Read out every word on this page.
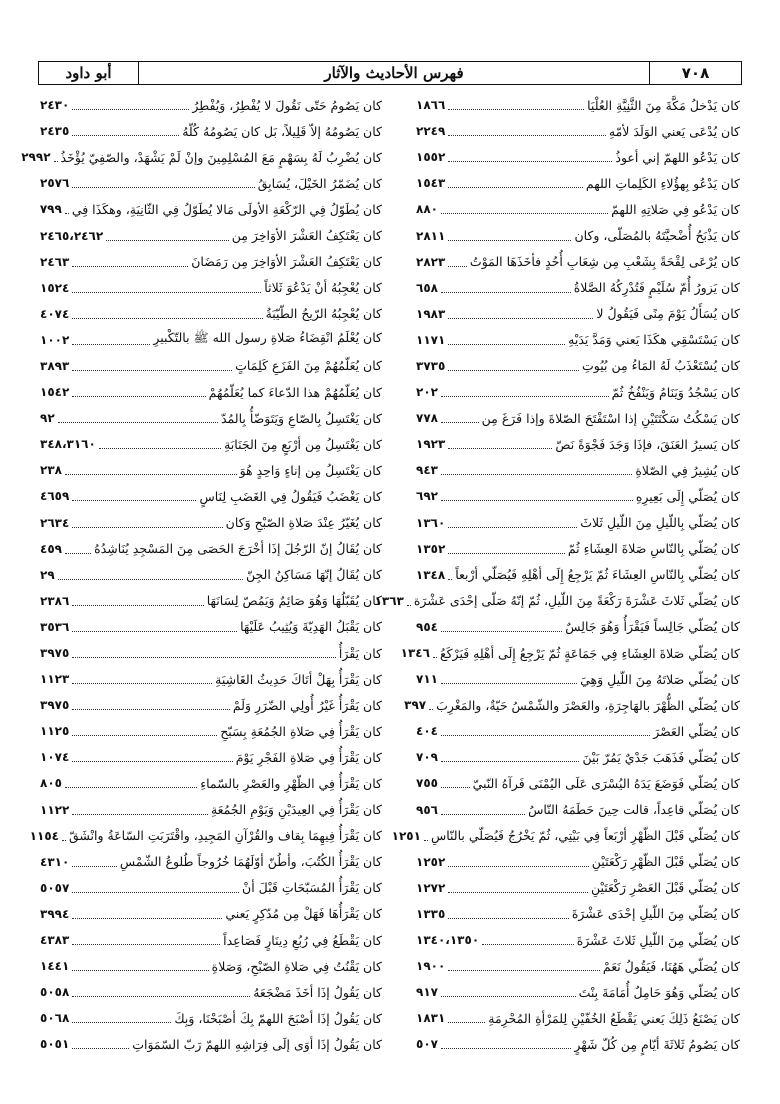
٧٠٨
فهرس الأحاديث والآثار
أبو داود
كان يَدْخلُ مَكَّةَ مِنَ الثَّنِيَّةِ العُلْيَا
١٨٦٦
كان يُدْعَى يَعني الوَلَدَ لأمّهِ
٢٢٤٩
كان يَدْعُو اللهمّ إني أعوذُ
١٥٥٢
كان يَدْعُو بِهؤُلاءِ الكَلِماتِ اللهم
١٥٤٣
كان يَدْعُو فِي صَلاتِهِ اللهمّ
٨٨٠
كان يَذْبَحُ أُضْحيَّتَهُ بالمُصَلّى، وكان
٢٨١١
كان يُرْعَى لِقْحَةً بِشَعْبِ مِن شِعَابِ أُحُدٍ فأخَذَهَا المَوْتُ
٢٨٢٣
كان يَزورُ أُمّ سُلَيْمٍ فَتُدْرِكُهُ الصَّلاةُ
٦٥٨
كان يُسَأَلُ يَوْمَ مِنًى فَيَقُولُ لا
١٩٨٣
كان يَسْتَسْقِي هكَذَا يَعني وَمَدَّ يَدَيْهِ
١١٧١
كان يُسْتَعْذَبُ لَهُ المَاءُ مِن بُيُوتِ
٣٧٣٥
كان يَسْجُدُ وَيَنَامُ وَيَنْفُخُ ثُمّ
٢٠٢
كان يَسْكُتُ سَكْتَتَيْنِ إذا اسْتَفْتَحَ الصّلاةَ وإذا فَرَغَ مِن
٧٧٨
كان يَسيرُ العَنَقَ، فإذَا وَجَدَ فَجْوَةً نَصّ
١٩٢٣
كان يُشِيرُ فِي الصّلاةِ
٩٤٣
كان يُصَلّي إِلَى بَعِيرِهِ
٦٩٢
كان يُصَلّي بِاللّيلِ مِنَ اللّيلِ ثَلاثَ
١٣٦٠
كان يُصَلّي بِالنّاسِ صَلاةَ العِشَاءِ ثُمّ
١٣٥٢
كان يُصَلّي بِالنّاسِ العِشَاءَ ثُمّ يَرْجِعُ إِلَى أهْلِهِ فَيُصَلّي أرْبعاً
١٣٤٨
كان يُصَلّي ثَلاثَ عَشْرَةَ رَكْعَةً مِنَ اللّيلِ، ثُمّ إنّهُ صَلّى إحْدَى عَشْرَة
١٣٦٣
كان يُصَلّي جَالِساً فَيَقْرَأُ وَهُوَ جَالِسٌ
٩٥٤
كان يُصَلّي صَلاةَ العِشَاءِ فِي جَمَاعَةٍ ثُمّ يَرْجِعُ إِلَى أهْلِهِ فَيَرْكَعُ
١٣٤٦
كان يُصَلّي صَلاتَهُ مِنَ اللّيلِ وَهِيَ
٧١١
كان يُصَلّي الظُّهْرَ بالهَاجِرَةِ، والعَصْرَ والشّمْسُ حَيّةٌ، والمَغْرِبَ
٣٩٧
كان يُصَلّي العَصْرَ
٤٠٤
كان يُصَلّي فَذَهَبَ جَدْيٌ يَمُرّ بَيْنَ
٧٠٩
كان يُصَلّي فَوَضَعَ يَدَهُ اليُسْرَى عَلَى اليُمْنَى فَرآهُ النّبيّ
٧٥٥
كان يُصَلّي قاعِداً، قالت حِينَ حَطَمَهُ النّاسُ
٩٥٦
كان يُصَلّي قَبْلَ الظّهْرِ أرْبَعاً فِي بَيْتِي، ثُمّ يَخْرُجُ فَيُصَلّي بالنّاسِ
١٢٥١
كان يُصَلّي قَبْلَ الظّهْرِ رَكْعَتَيْنِ
١٢٥٢
كان يُصَلّي قَبْلَ العَصْرِ رَكْعَتَيْنِ
١٢٧٢
كان يُصَلّي مِنَ اللّيلِ إحْدَى عَشْرَةَ
١٣٣٥
كان يُصَلّي مِنَ اللّيلِ ثَلاثَ عَشْرَةَ
١٣٤٠،١٣٥٠
كان يُصَلّي هَهُنَا، فَيَقُولُ نَعَمْ
١٩٠٠
كان يُصَلّي وَهُوَ حَامِلٌ أُمَامَةَ بِنْتَ
٩١٧
كان يَصْنَعُ ذَلِكَ يَعني يَقْطَعُ الخُفّيْنِ لِلمَرْأةِ المُحْرِمَةِ
١٨٣١
كان يَصُومُ ثَلاثَةَ أيّامٍ مِن كُلّ شَهْرٍ
٥٠٧
كان يَصُومُ حَتّى نَقُولَ لا يُفْطِرُ، وَيُفْطِرُ
٢٤٣٠
كان يَصُومُهُ إلاّ قَلِيلاً، بَل كان يَصُومُهُ كُلّهُ
٢٤٣٥
كان يُضْرِبُ لَهُ بِسَهْمٍ مَعَ المُسْلِمِينَ وإنْ لَمْ يَشْهَدْ، والصّفِيّ يُؤْخَذُ
٢٩٩٢
كان يُضَمّرُ الخَيْلَ، يُسَابِقُ
٢٥٧٦
كان يُطَوّلُ فِي الرّكْعَةِ الأولَى مَالا يُطَوّلُ فِي الثّانِيَةِ، وهكَذَا فِي
٧٩٩
كان يَعْتَكِفُ العَشْرَ الأوَاخِرَ مِن
٢٤٦٥،٢٤٦٢
كان يَعْتَكِفُ العَشْرَ الأوَاخِرَ مِن رَمَضَانَ
٢٤٦٣
كان يُعْجِبُهُ أنْ يَدْعُوَ ثَلاثاً
١٥٢٤
كان يُعْجِبُهُ الرّيحُ الطّيّبَةُ
٤٠٧٤
كان يُعْلَمُ انْقِضَاءُ صَلاةِ رسول الله ﷺ بالتّكْبيرِ
١٠٠٢
كان يُعَلّمُهُمْ مِنَ الفَزَعِ كَلِمَاتٍ
٣٨٩٣
كان يُعَلّمُهُمْ هذا الدّعاءَ كما يُعَلّمُهُمْ
١٥٤٢
كان يَغْتَسِلُ بِالصّاعِ وَيَتَوَضّأُ بِالمُدّ
٩٢
كان يَغْتَسِلُ مِن أرْبَعٍ مِنَ الجَنَابَةِ
٣٤٨،٣١٦٠
كان يَغْتَسِلُ مِن إناءٍ وَاحِدٍ هُوَ
٢٣٨
كان يَغْضَبُ فَيَقُولُ فِي الغَضَبِ لِنَاسٍ
٤٦٥٩
كان يُغَيّرُ عِنْدَ صَلاةِ الصّبْحِ وَكان
٢٦٣٤
كان يُقَالُ إنّ الرّجُلَ إذَا أخْرَجَ الحَصَى مِنَ المَسْجِدِ يُنَاشِدُهُ
٤٥٩
كان يُقَالُ إنّهَا مَسَاكِنُ الجِنّ
٢٩
كان يُقَبّلُهَا وَهُوَ صَائِمٌ وَيَمُصّ لِسَانَهَا
٢٣٨٦
كان يَقْبَلُ الهَدِيّةَ وَيُثِيبُ عَلَيْهَا
٣٥٣٦
كان يَقْرَأُ
٣٩٧٥
كان يَقْرَأُ بِهَلْ أتَاكَ حَدِيثُ الغَاشِيَةِ
١١٢٣
كان يَقْرَأُ غَيْرُ أُولِي الضّرَرِ وَلَمْ
٣٩٧٥
كان يَقْرَأُ فِي صَلاةِ الجُمُعَةِ بِسَبّحِ
١١٢٥
كان يَقْرَأُ فِي صَلاةِ الفَجْرِ يَوْمَ
١٠٧٤
كان يَقْرَأُ فِي الظّهْرِ والعَصْرِ بالسّماءِ
٨٠٥
كان يَقْرَأُ فِي العِيدَيْنِ وَيَوْمِ الجُمُعَةِ
١١٢٢
كان يَقْرَأُ فِيهِمَا بِقاف والقُرْآنِ المَجِيدِ، واقْتَرَبَتِ السّاعَةُ وانْشَقّ
١١٥٤
كان يَقْرَأُ الكُتُبَ، وأطُنّ أوّلَهُمَا خُرُوجاً طُلوعُ الشّمْسِ
٤٣١٠
كان يَقْرَأُ المُسَبّحَاتِ قَبْلَ أنْ
٥٠٥٧
كان يَقْرَأُهَا فَهَلْ مِن مُدّكِرٍ يَعني
٣٩٩٤
كان يَقْطَعُ فِي رُبُعِ دِينَارٍ فَصَاعِداً
٤٣٨٣
كان يَقْنُتُ فِي صَلاةِ الصّبْحِ، وَصَلاةِ
١٤٤١
كان يَقُولُ إذَا أخَذَ مَضْجَعَهُ
٥٠٥٨
كان يَقُولُ إذَا أصْبَحَ اللهمّ بِكَ أصْبَحْنَا، وَبِكَ
٥٠٦٨
كان يَقُولُ إذَا أوَى إلَى فِرَاشِهِ اللهمّ رَبّ السّمَوَاتِ
٥٠٥١
